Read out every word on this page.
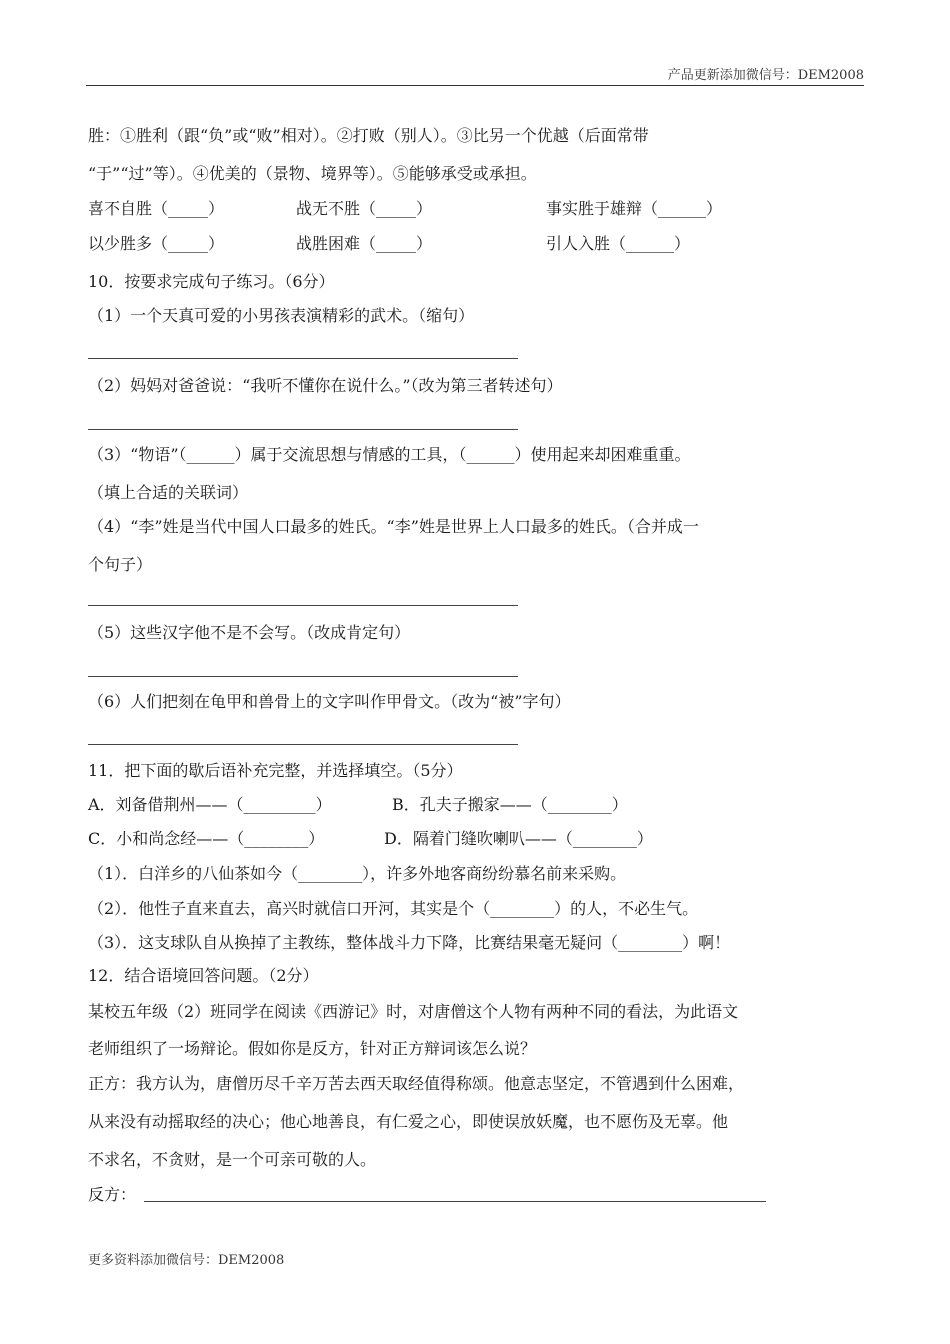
产品更新添加微信号：DEM2008
胜：①胜利（跟“负”或“败”相对）。②打败（别人）。③比另一个优越（后面常带
“于”“过”等）。④优美的（景物、境界等）。⑤能够承受或承担。
喜不自胜（_____）	战无不胜（_____）	事实胜于雄辩（______）
以少胜多（_____）	战胜困难（_____）	引人入胜（______）
10．按要求完成句子练习。（6分）
（1）一个天真可爱的小男孩表演精彩的武术。（缩句）
（2）妈妈对爸爸说：“我听不懂你在说什么。”（改为第三者转述句）
（3）“物语”（______）属于交流思想与情感的工具，（______）使用起来却困难重重。
（填上合适的关联词）
（4）“李”姓是当代中国人口最多的姓氏。“李”姓是世界上人口最多的姓氏。（合并成一
个句子）
（5）这些汉字他不是不会写。（改成肯定句）
（6）人们把刻在龟甲和兽骨上的文字叫作甲骨文。（改为“被”字句）
11．把下面的歇后语补充完整，并选择填空。（5分）
A．刘备借荆州——（_________）	B．孔夫子搬家——（________）
C．小和尚念经——（________）	D．隔着门缝吹喇叭——（________）
（1）．白洋乡的八仙茶如今（________），许多外地客商纷纷慕名前来采购。
（2）．他性子直来直去，高兴时就信口开河，其实是个（________）的人，不必生气。
（3）．这支球队自从换掉了主教练，整体战斗力下降，比赛结果毫无疑问（________）啊！
12．结合语境回答问题。（2分）
某校五年级（2）班同学在阅读《西游记》时，对唐僧这个人物有两种不同的看法，为此语文
老师组织了一场辩论。假如你是反方，针对正方辩词该怎么说？
正方：我方认为，唐僧历尽千辛万苦去西天取经值得称颂。他意志坚定，不管遇到什么困难，
从来没有动摇取经的决心；他心地善良，有仁爱之心，即使误放妖魔，也不愿伤及无辜。他
不求名，不贪财，是一个可亲可敬的人。
反方：
更多资料添加微信号：DEM2008
